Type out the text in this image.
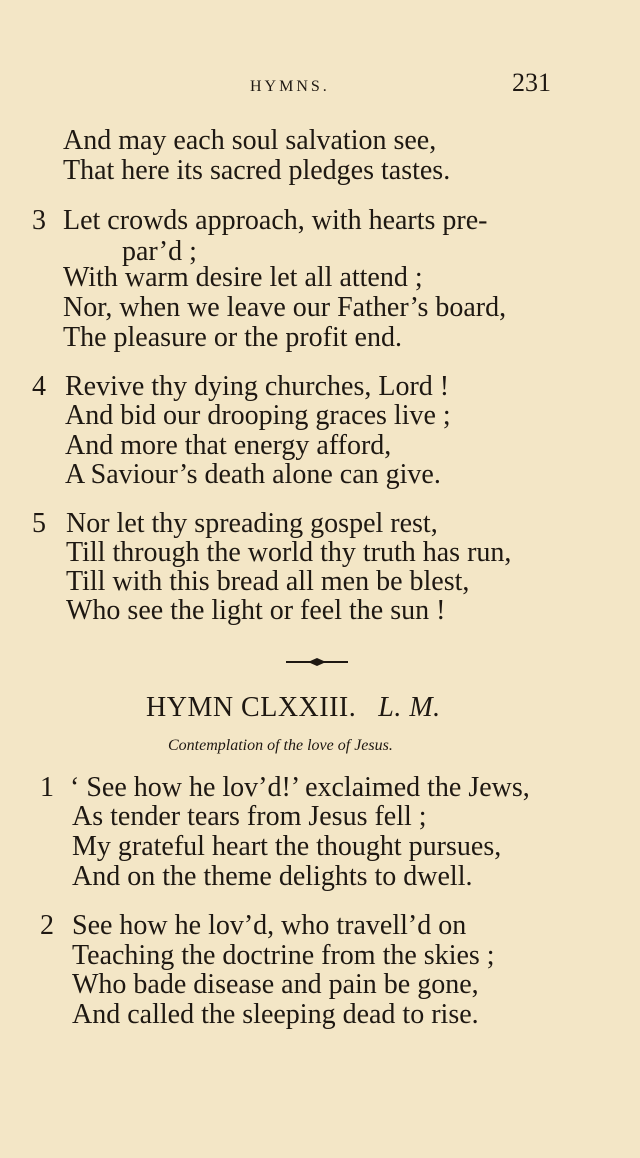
HYMNS.	231
And may each soul salvation see,
That here its sacred pledges tastes.
3 Let crowds approach, with hearts pre-
par’d ;
With warm desire let all attend ;
Nor, when we leave our Father’s board,
The pleasure or the profit end.
4 Revive thy dying churches, Lord !
And bid our drooping graces live ;
And more that energy afford,
A Saviour’s death alone can give.
5 Nor let thy spreading gospel rest,
Till through the world thy truth has run,
Till with this bread all men be blest,
Who see the light or feel the sun !
HYMN CLXXIII. L. M.
Contemplation of the love of Jesus.
1 ‘ See how he lov’d!’ exclaimed the Jews,
As tender tears from Jesus fell ;
My grateful heart the thought pursues,
And on the theme delights to dwell.
2 See how he lov’d, who travell’d on
Teaching the doctrine from the skies ;
Who bade disease and pain be gone,
And called the sleeping dead to rise.
